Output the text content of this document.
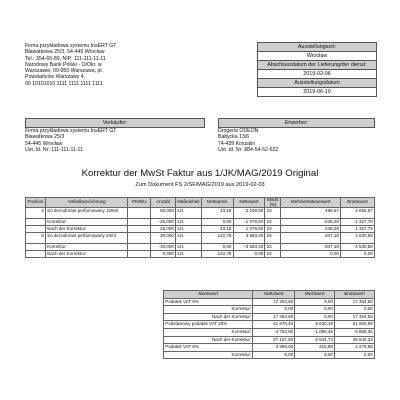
Firma przykładowa systemu InsERT GT
Bławatkowa 25/3, 54-445 Wrocław
Tel.: 354-65-89, NIP: 111-111-11-11
Narodowy Bank Polski - O/Okr. w
Warszawie; 00-950 Warszawa, pl.
Powstańców Warszawy 4,
00 10101010 1111 1111 1111 1111
Ausstellungsort:
Wrocław
Abschlussdatum der Lieferung/der dienst:
2019-02-06
Ausstellungsdatum
2019-06-10
Verkäufer:
Firma przykładowa systemu InsERT GT
Bławatkowa 25/3
54-445 Wrocław
Ust. Id. Nr: 111-111-11-11
Erwerber:
Drogeria ODEON
Bałtycka 13/6
74-439 Koszalin
Ust. Id. Nr: 884-54-52-622
Korrektur der MwSt Faktur aus 1/JK/MAG/2019 Original
Zum Dokument FS 2/SF/MAG/2019 aus 2019-02-03
Position	Artikelbezeichnung	PKWiU	Anzahl	Maßeinheit	Nettopreis	Nettowert	MwSt [%]	Mehrwertsteuerwert	Bruttowert
3	So dezodorant perfumowany 100ml		50,000	szt.	43,18	2 159,00	23	496,57	2 655,57
	Korrektur:		-25,000	szt.	0,00	-1 079,50	23	-248,28	-1 327,78
	Nach der Korrektur:		25,000	szt.	43,18	1 079,50	23	248,29	1 327,79
8	So dezodorant perfumowany 20ml		30,000	szt.	122,78	3 683,40	23	847,18	4 530,58
	Korrektur:		-30,000	szt.	0,00	-3 683,40	23	-847,18	-4 530,58
	Nach der Korrektur:		0,000	szt.	122,78	0,00	23	0,00	0,00
MwStwert	Nettowert	MwStwert	Bruttowert
Podatek VAT 0%	17 454,60	0,00	17 454,60
Korrektur:	0,00	0,00	0,00
Nach der Korrektur:	17 454,60	0,00	17 454,60
Podstawowy podatek VAT 23%	41 870,40	9 630,19	51 500,59
Korrektur:	-4 762,90	-1 095,46	-5 858,36
Nach der Korrektur:	37 107,50	8 534,73	45 642,23
Podatek VAT 8%	3 960,00	316,80	4 276,80
Korrektur:	0,00	0,00	0,00
